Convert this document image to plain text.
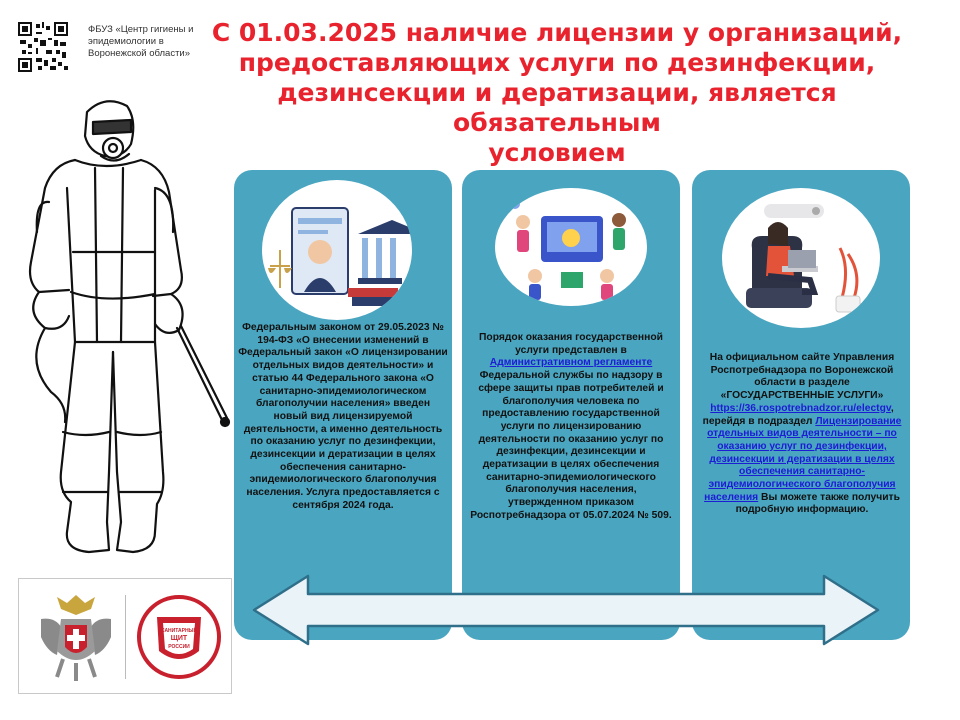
ФБУЗ «Центр гигиены и
эпидемиологии в
Воронежской области»
С 01.03.2025 наличие лицензии у организаций,
предоставляющих услуги по дезинфекции,
дезинсекции и дератизации, является обязательным
условием
Федеральным законом от 29.05.2023 № 194-ФЗ «О внесении изменений в Федеральный закон «О лицензировании отдельных видов деятельности» и статью 44 Федерального закона «О санитарно-эпидемиологическом благополучии населения» введен новый вид лицензируемой деятельности, а именно деятельность по оказанию услуг по дезинфекции, дезинсекции и дератизации в целях обеспечения санитарно-эпидемиологического благополучия населения. Услуга предоставляется с сентября 2024 года.
Порядок оказания государственной услуги представлен в Административном регламенте Федеральной службы по надзору в сфере защиты прав потребителей и благополучия человека по предоставлению государственной услуги по лицензированию деятельности по оказанию услуг по дезинфекции, дезинсекции и дератизации в целях обеспечения санитарно-эпидемиологического благополучия населения, утвержденном приказом Роспотребнадзора от 05.07.2024 № 509.
На официальном сайте Управления Роспотребнадзора по Воронежской области в разделе «ГОСУДАРСТВЕННЫЕ УСЛУГИ» https://36.rospotrebnadzor.ru/electgv, перейдя в подраздел Лицензирование отдельных видов деятельности – по оказанию услуг по дезинфекции, дезинсекции и дератизации в целях обеспечения санитарно-эпидемиологического благополучия населения Вы можете также получить подробную информацию.
САНИТАРНЫЙ
ЩИТ
РОССИИ
